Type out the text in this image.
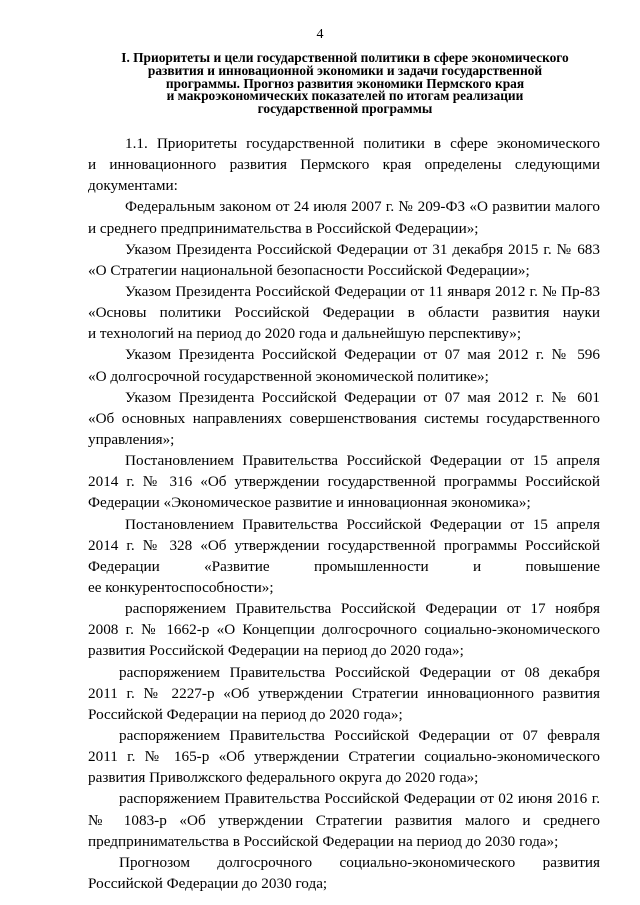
4
I. Приоритеты и цели государственной политики в сфере экономического
развития и инновационной экономики и задачи государственной
программы. Прогноз развития экономики Пермского края
и макроэкономических показателей по итогам реализации
государственной программы
1.1. Приоритеты государственной политики в сфере экономического
и инновационного развития Пермского края определены следующими
документами:
Федеральным законом от 24 июля 2007 г. № 209-ФЗ «О развитии малого
и среднего предпринимательства в Российской Федерации»;
Указом Президента Российской Федерации от 31 декабря 2015 г. № 683
«О Стратегии национальной безопасности Российской Федерации»;
Указом Президента Российской Федерации от 11 января 2012 г. № Пр-83
«Основы политики Российской Федерации в области развития науки
и технологий на период до 2020 года и дальнейшую перспективу»;
Указом Президента Российской Федерации от 07 мая 2012 г. № 596
«О долгосрочной государственной экономической политике»;
Указом Президента Российской Федерации от 07 мая 2012 г. № 601
«Об основных направлениях совершенствования системы государственного
управления»;
Постановлением Правительства Российской Федерации от 15 апреля
2014 г. № 316 «Об утверждении государственной программы Российской
Федерации «Экономическое развитие и инновационная экономика»;
Постановлением Правительства Российской Федерации от 15 апреля
2014 г. № 328 «Об утверждении государственной программы Российской
Федерации «Развитие промышленности и повышение
ее конкурентоспособности»;
распоряжением Правительства Российской Федерации от 17 ноября
2008 г. № 1662-р «О Концепции долгосрочного социально-экономического
развития Российской Федерации на период до 2020 года»;
распоряжением Правительства Российской Федерации от 08 декабря
2011 г. № 2227-р «Об утверждении Стратегии инновационного развития
Российской Федерации на период до 2020 года»;
распоряжением Правительства Российской Федерации от 07 февраля
2011 г. № 165-р «Об утверждении Стратегии социально-экономического
развития Приволжского федерального округа до 2020 года»;
распоряжением Правительства Российской Федерации от 02 июня 2016 г.
№ 1083-р «Об утверждении Стратегии развития малого и среднего
предпринимательства в Российской Федерации на период до 2030 года»;
Прогнозом долгосрочного социально-экономического развития
Российской Федерации до 2030 года;
